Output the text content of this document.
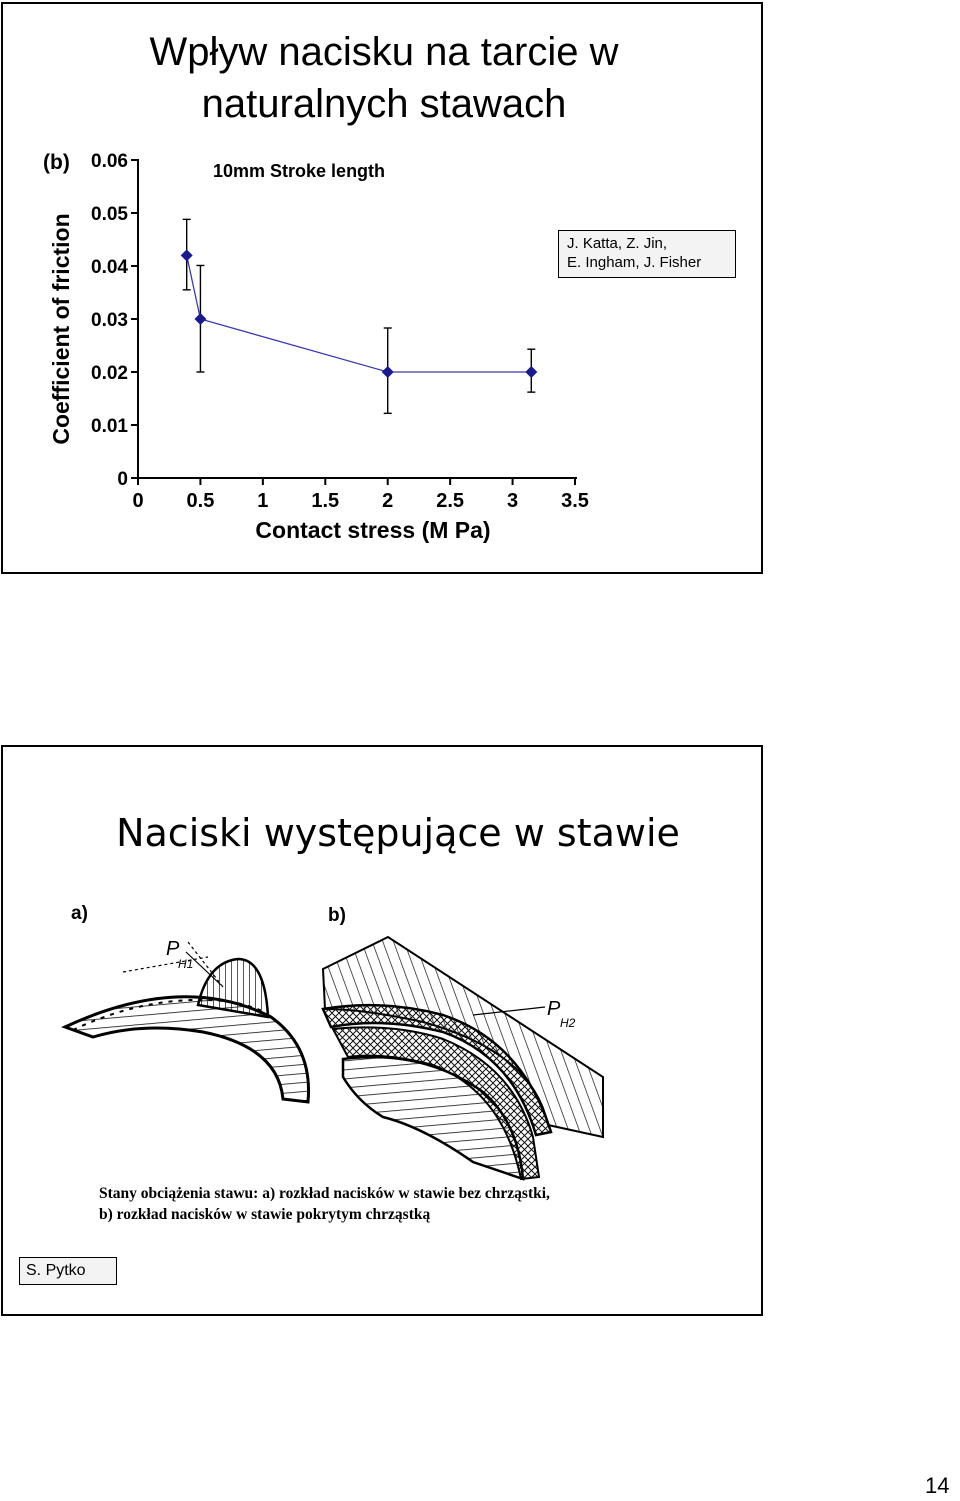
Wpływ nacisku na tarcie w
naturalnych stawach
(b)	10mm Stroke length
Coefficient of friction
Contact stress (M Pa)
0 0.5 1 1.5 2 2.5 3 3.5
0
0.01
0.02
0.03
0.04
0.05
0.06
J. Katta, Z. Jin,
E. Ingham, J. Fisher
Naciski występujące w stawie
a)
P
H1
b)
P
H2
Stany obciążenia stawu: a) rozkład nacisków w stawie bez chrząstki,
b) rozkład nacisków w stawie pokrytym chrząstką
S. Pytko
14
